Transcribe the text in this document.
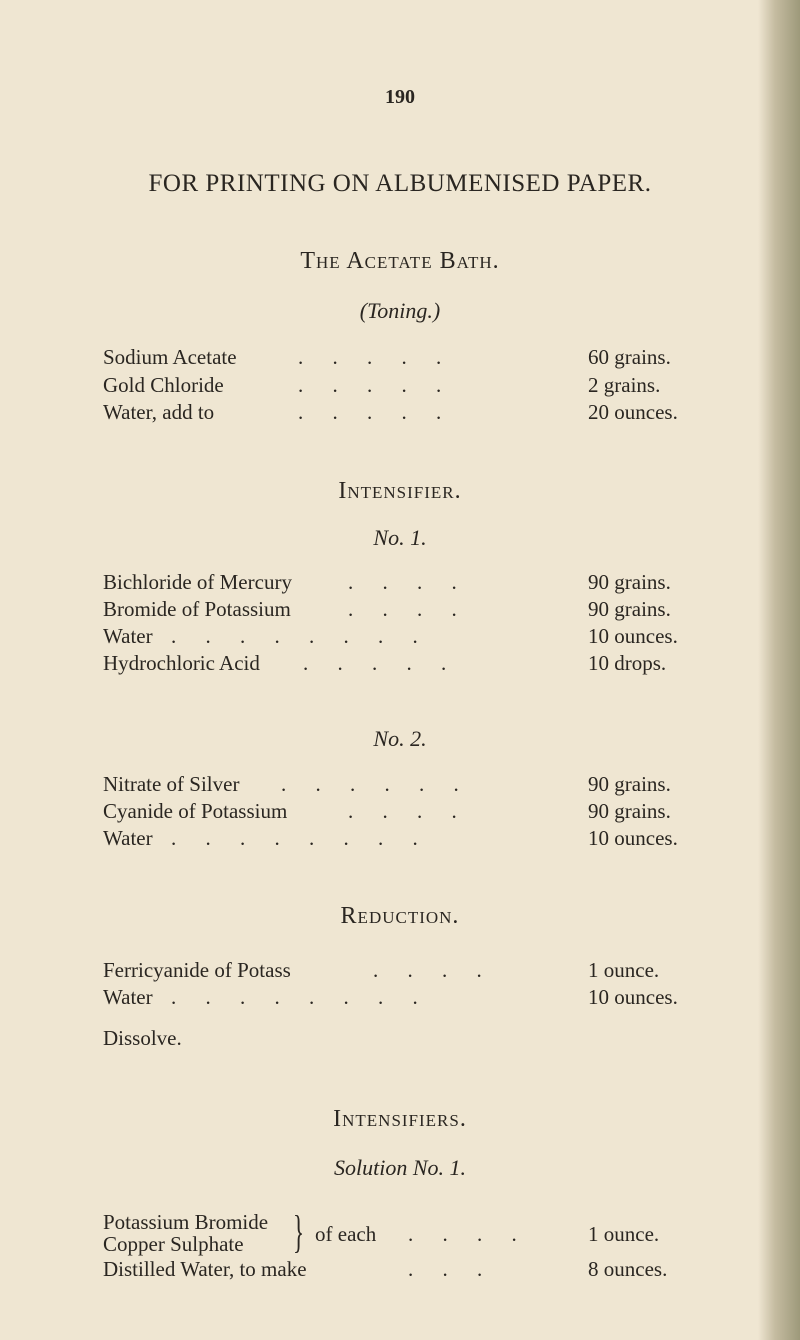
190
FOR PRINTING ON ALBUMENISED PAPER.
The Acetate Bath.
(Toning.)
Sodium Acetate	. . . . .	60 grains.
Gold Chloride	. . . . .	2 grains.
Water, add to	. . . . .	20 ounces.
Intensifier.
No. 1.
Bichloride of Mercury	. . . .	90 grains.
Bromide of Potassium	. . . .	90 grains.
Water . . . . . . . .	10 ounces.
Hydrochloric Acid . . . . .	10 drops.
No. 2.
Nitrate of Silver . . . . . .	90 grains.
Cyanide of Potassium	. . . .	90 grains.
Water . . . . . . . .	10 ounces.
Reduction.
Ferricyanide of Potass	. . . .	1 ounce.
Water . . . . . . . .	10 ounces.
Dissolve.
Intensifiers.
Solution No. 1.
Potassium Bromide
Copper Sulphate } of each . . . .	1 ounce.
Distilled Water, to make	. . .	8 ounces.
